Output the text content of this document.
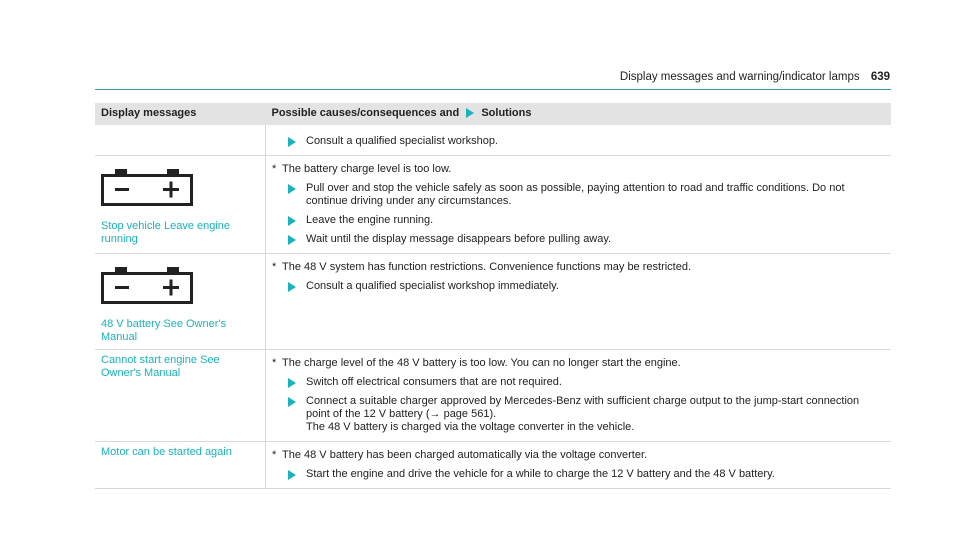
Display messages and warning/indicator lamps 639
Display messages	Possible causes/consequences and Solutions

Consult a qualified specialist workshop.

Stop vehicle Leave engine running	* The battery charge level is too low.
Pull over and stop the vehicle safely as soon as possible, paying attention to road and traffic conditions. Do not continue driving under any circumstances.
Leave the engine running.
Wait until the display message disappears before pulling away.

48 V battery See Owner's Manual	* The 48 V system has function restrictions. Convenience functions may be restricted.
Consult a qualified specialist workshop immediately.

Cannot start engine See Owner's Manual	* The charge level of the 48 V battery is too low. You can no longer start the engine.
Switch off electrical consumers that are not required.
Connect a suitable charger approved by Mercedes-Benz with sufficient charge output to the jump-start connection point of the 12 V battery (→ page 561).
The 48 V battery is charged via the voltage converter in the vehicle.

Motor can be started again	* The 48 V battery has been charged automatically via the voltage converter.
Start the engine and drive the vehicle for a while to charge the 12 V battery and the 48 V battery.
